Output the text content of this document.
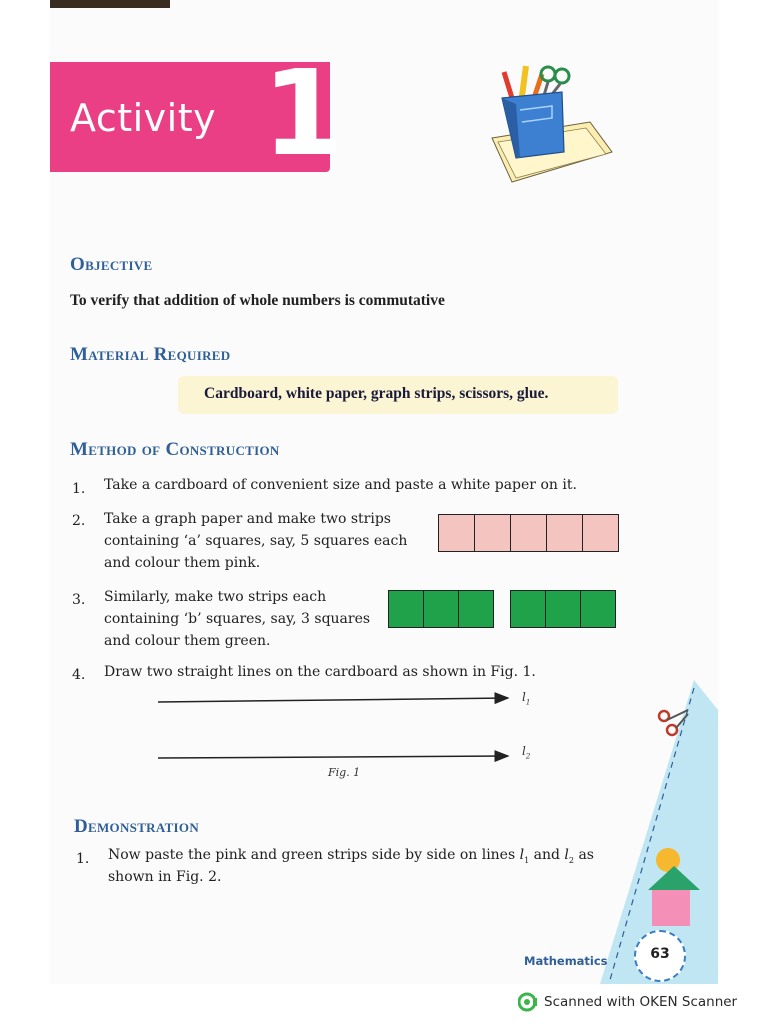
Activity 1
Objective
To verify that addition of whole numbers is commutative
Material Required
Cardboard, white paper, graph strips, scissors, glue.
Method of Construction
1. Take a cardboard of convenient size and paste a white paper on it.
2. Take a graph paper and make two strips
containing ‘a’ squares, say, 5 squares each
and colour them pink.
3. Similarly, make two strips each
containing ‘b’ squares, say, 3 squares
and colour them green.
4. Draw two straight lines on the cardboard as shown in Fig. 1.
$l_1$
$l_2$
Fig. 1
Demonstration
1. Now paste the pink and green strips side by side on lines $l_1$ and $l_2$ as
shown in Fig. 2.
Mathematics	63
Scanned with OKEN Scanner
